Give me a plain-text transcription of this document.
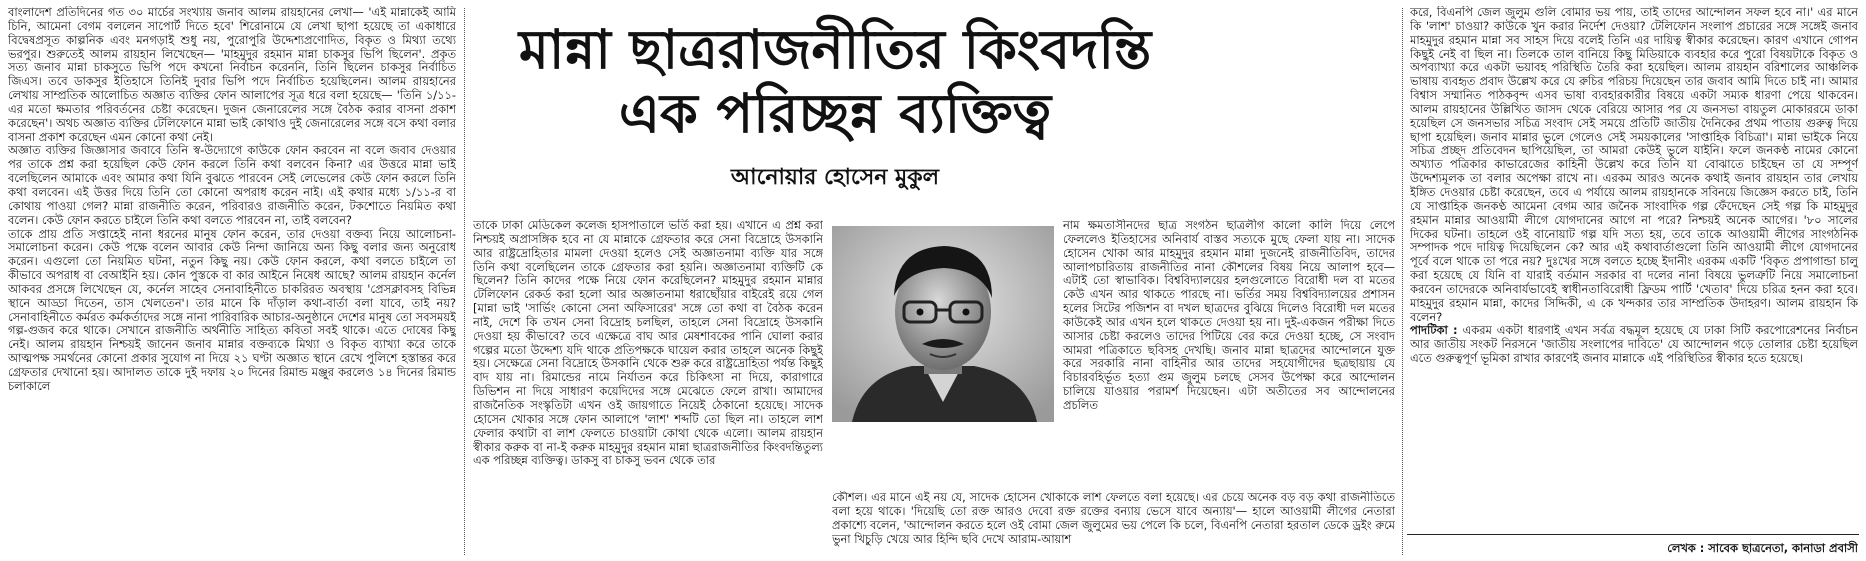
বাংলাদেশ প্রতিদিনের গত ৩০ মার্চের সংখ্যায় জনাব আলম রায়হানের লেখা— 'এই মান্নাকেই আমি চিনি, আমেনা বেগম বললেন সাপোর্ট দিতে হবে' শিরোনামে যে লেখা ছাপা হয়েছে তা একাধারে বিদ্বেষপ্রসূত কাল্পনিক এবং মনগড়াই শুধু নয়, পুরোপুরি উদ্দেশ্যপ্রণোদিত, বিকৃত ও মিথ্যা তথ্যে ভরপুর। শুরুতেই আলম রায়হান লিখেছেন— 'মাহমুদুর রহমান মান্না চাকসুর ভিপি ছিলেন'. প্রকৃত সত্য জনাব মান্না চাকসুতে ভিপি পদে কখনো নির্বাচন করেননি, তিনি ছিলেন চাকসুর নির্বাচিত জিএস। তবে ডাকসুর ইতিহাসে তিনিই দুবার ভিপি পদে নির্বাচিত হয়েছিলেন। আলম রায়হানের লেখায় সাম্প্রতিক আলোচিত অজ্ঞাত ব্যক্তির ফোন আলাপের সূত্র ধরে বলা হয়েছে— 'তিনি ১/১১-এর মতো ক্ষমতার পরিবর্তনের চেষ্টা করেছেন। দুজন জেনারেলের সঙ্গে বৈঠক করার বাসনা প্রকাশ করেছেন'। অথচ অজ্ঞাত ব্যক্তির টেলিফোনে মান্না ভাই কোথাও দুই জেনারেলের সঙ্গে বসে কথা বলার বাসনা প্রকাশ করেছেন এমন কোনো কথা নেই।

অজ্ঞাত ব্যক্তির জিজ্ঞাসার জবাবে তিনি স্ব-উদ্যোগে কাউকে ফোন করবেন না বলে জবাব দেওয়ার পর তাকে প্রশ্ন করা হয়েছিল কেউ ফোন করলে তিনি কথা বলবেন কিনা? এর উত্তরে মান্না ভাই বলেছিলেন আমাকে এবং আমার কথা যিনি বুঝতে পারবেন সেই লেভেলের কেউ ফোন করলে তিনি কথা বলবেন। এই উত্তর দিয়ে তিনি তো কোনো অপরাধ করেন নাই। এই কথার মধ্যে ১/১১-র বা কোথায় পাওয়া গেল? মান্না রাজনীতি করেন, পরিবারও রাজনীতি করেন, টকশোতে নিয়মিত কথা বলেন। কেউ ফোন করতে চাইলে তিনি কথা বলতে পারবেন না, তাই বলবেন?

তাকে প্রায় প্রতি সপ্তাহেই নানা ধরনের মানুষ ফোন করেন, তার দেওয়া বক্তব্য নিয়ে আলোচনা-সমালোচনা করেন। কেউ পক্ষে বলেন আবার কেউ নিন্দা জানিয়ে অন্য কিছু বলার জন্য অনুরোধ করেন। এগুলো তো নিয়মিত ঘটনা, নতুন কিছু নয়। কেউ ফোন করলে, কথা বলতে চাইলে তা কীভাবে অপরাধ বা বেআইনি হয়। কোন পুস্তকে বা কার আইনে নিষেধ আছে? আলম রায়হান কর্নেল আকবর প্রসঙ্গে লিখেছেন যে, কর্নেল সাহেব সেনাবাহিনীতে চাকরিরত অবস্থায় 'প্রেসক্লাবসহ বিভিন্ন স্থানে আড্ডা দিতেন, তাস খেলতেন'। তার মানে কি দাঁড়াল কথা-বার্তা বলা যাবে, তাই নয়? সেনাবাহিনীতে কর্মরত কর্মকর্তাদের সঙ্গে নানা পারিবারিক আচার-অনুষ্ঠানে দেশের মানুষ তো সবসময়ই গল্প-গুজব করে থাকে। সেখানে রাজনীতি অর্থনীতি সাহিত্য কবিতা সবই থাকে। এতে দোষের কিছু নেই। আলম রায়হান নিশ্চয়ই জানেন জনাব মান্নার বক্তব্যকে মিথ্যা ও বিকৃত ব্যাখ্যা করে তাকে আত্মপক্ষ সমর্থনের কোনো প্রকার সুযোগ না দিয়ে ২১ ঘণ্টা অজ্ঞাত স্থানে রেখে পুলিশে হস্তান্তর করে গ্রেফতার দেখানো হয়। আদালত তাকে দুই দফায় ২০ দিনের রিমান্ড মঞ্জুর করলেও ১৪ দিনের রিমান্ড চলাকালে

মান্না ছাত্ররাজনীতির কিংবদন্তি
এক পরিচ্ছন্ন ব্যক্তিত্ব
আনোয়ার হোসেন মুকুল

তাকে ঢাকা মেডিকেল কলেজ হাসপাতালে ভর্তি করা হয়। এখানে এ প্রশ্ন করা নিশ্চয়ই অপ্রাসঙ্গিক হবে না যে মান্নাকে গ্রেফতার করে সেনা বিদ্রোহে উসকানি আর রাষ্ট্রদ্রোহিতার মামলা দেওয়া হলেও সেই অজ্ঞাতনামা ব্যক্তি যার সঙ্গে তিনি কথা বলেছিলেন তাকে গ্রেফতার করা হয়নি। অজ্ঞাতনামা ব্যক্তিটি কে ছিলেন? তিনি কাদের পক্ষে নিয়ে ফোন করেছিলেন? মাহমুদুর রহমান মান্নার টেলিফোন রেকর্ড করা হলো আর অজ্ঞাতনামা ধরাছোঁয়ার বাইরেই রয়ে গেল [মান্না ভাই 'সার্ভিং কোনো সেনা অফিসারের' সঙ্গে তো কথা বা বৈঠক করেন নাই, দেশে কি তখন সেনা বিদ্রোহ চলছিল, তাহলে সেনা বিদ্রোহে উসকানি দেওয়া হয় কীভাবে? তবে এক্ষেত্রে বাঘ আর মেষশাবকের পানি ঘোলা করার গল্পের মতো উদ্দেশ্য যদি থাকে প্রতিপক্ষকে ঘায়েল করার তাহলে অনেক কিছুই হয়। সেক্ষেত্রে সেনা বিদ্রোহে উসকানি থেকে শুরু করে রাষ্ট্রদ্রোহিতা পর্যন্ত কিছুই বাদ যায় না। রিমান্ডের নামে নির্যাতন করে চিকিৎসা না দিয়ে, কারাগারে ডিভিশন না দিয়ে সাধারণ কয়েদিদের সঙ্গে মেঝেতে ফেলে রাখা। আমাদের রাজনৈতিক সংস্কৃতিটা এখন ওই জায়গাতে নিয়েই ঠেকানো হয়েছে। সাদেক হোসেন খোকার সঙ্গে ফোন আলাপে 'লাশ' শব্দটি তো ছিল না। তাহলে লাশ ফেলার কথাটা বা লাশ ফেলতে চাওয়াটা কোথা থেকে এলো। আলম রায়হান স্বীকার করুক বা না-ই করুক মাহমুদুর রহমান মান্না ছাত্ররাজনীতির কিংবদন্তিতুল্য এক পরিচ্ছন্ন ব্যক্তিত্ব। ডাকসু বা চাকসু ভবন থেকে তার

নাম ক্ষমতাসীনদের ছাত্র সংগঠন ছাত্রলীগ কালো কালি দিয়ে লেপে ফেললেও ইতিহাসের অনিবার্য বাস্তব সত্যকে মুছে ফেলা যায় না। সাদেক হোসেন খোকা আর মাহমুদুর রহমান মান্না দুজনেই রাজনীতিবিদ, তাদের আলাপচারিতায় রাজনীতির নানা কৌশলের বিষয় নিয়ে আলাপ হবে— এটাই তো স্বাভাবিক। বিশ্ববিদ্যালয়ের হলগুলোতে বিরোধী দল বা মতের কেউ এখন আর থাকতে পারছে না। ভর্তির সময় বিশ্ববিদ্যালয়ের প্রশাসন হলের সিটের পজিশন বা দখল ছাত্রদের বুঝিয়ে দিলেও বিরোধী দল মতের কাউকেই আর এখন হলে থাকতে দেওয়া হয় না। দুই-একজন পরীক্ষা দিতে আসার চেষ্টা করলেও তাদের পিটিয়ে বের করে দেওয়া হচ্ছে, সে সংবাদ আমরা পত্রিকাতে ছবিসহ দেখছি। জনাব মান্না ছাত্রদের আন্দোলনে যুক্ত করে সরকারি নানা বাহিনীর আর তাদের সহযোগীদের ছত্রছায়ায় যে বিচারবহির্ভূত হত্যা গুম জুলুম চলছে সেসব উপেক্ষা করে আন্দোলন চালিয়ে যাওয়ার পরামর্শ দিয়েছেন। এটা অতীতের সব আন্দোলনের প্রচলিত

কৌশল। এর মানে এই নয় যে, সাদেক হোসেন খোকাকে লাশ ফেলতে বলা হয়েছে। এর চেয়ে অনেক বড় বড় কথা রাজনীতিতে বলা হয়ে থাকে। 'দিয়েছি তো রক্ত আরও দেবো রক্ত রক্তের বন্যায় ভেসে যাবে অন্যায়'— হালে আওয়ামী লীগের নেতারা প্রকাশ্যে বলেন, 'আন্দোলন করতে হলে ওই বোমা জেল জুলুমের ভয় পেলে কি চলে, বিএনপি নেতারা হরতাল ডেকে ড্রইং রুমে ভুনা খিচুড়ি খেয়ে আর হিন্দি ছবি দেখে আরাম-আয়াশ

করে, বিএনপি জেল জুলুম গুলি বোমার ভয় পায়, তাই তাদের আন্দোলন সফল হবে না।' এর মানে কি 'লাশ' চাওয়া? কাউকে খুন করার নির্দেশ দেওয়া? টেলিফোন সংলাপ প্রচারের সঙ্গে সঙ্গেই জনাব মাহমুদুর রহমান মান্না সব সাহস দিয়ে বলেই তিনি এর দায়িত্ব স্বীকার করেছেন। কারণ এখানে গোপন কিছুই নেই বা ছিল না। তিলকে তাল বানিয়ে কিছু মিডিয়াকে ব্যবহার করে পুরো বিষয়টাকে বিকৃত ও অপব্যাখ্যা করে একটা ভয়াবহ পরিস্থিতি তৈরি করা হয়েছিল। আলম রায়হান বরিশালের আঞ্চলিক ভাষায় ব্যবহৃত প্রবাদ উল্লেখ করে যে রুচির পরিচয় দিয়েছেন তার জবাব আমি দিতে চাই না। আমার বিশ্বাস সম্মানিত পাঠকবৃন্দ এসব ভাষা ব্যবহারকারীর বিষয়ে একটা সম্যক ধারণা পেয়ে থাকবেন। আলম রায়হানের উল্লিখিত জাসদ থেকে বেরিয়ে আসার পর যে জনসভা বায়তুল মোকাররমে ডাকা হয়েছিল সে জনসভার সচিত্র সংবাদ সেই সময়ে প্রতিটি জাতীয় দৈনিকের প্রথম পাতায় গুরুত্ব দিয়ে ছাপা হয়েছিল। জনাব মান্নার ভুলে গেলেও সেই সময়কালের 'সাপ্তাহিক বিচিত্রা'। মান্না ভাইকে নিয়ে সচিত্র প্রচ্ছদ প্রতিবেদন ছাপিয়েছিল, তা আমরা কেউই ভুলে যাইনি। ফলে জনকণ্ঠ নামের কোনো অখ্যাত পত্রিকার কাভারেজের কাহিনী উল্লেখ করে তিনি যা বোঝাতে চাইছেন তা যে সম্পূর্ণ উদ্দেশ্যমূলক তা বলার অপেক্ষা রাখে না। এরকম আরও অনেক কথাই জনাব রায়হান তার লেখায় ইঙ্গিত দেওয়ার চেষ্টা করেছেন, তবে এ পর্যায়ে আলম রায়হানকে সবিনয়ে জিজ্ঞেস করতে চাই, তিনি যে সাপ্তাহিক জনকণ্ঠ আমেনা বেগম আর জনৈক সাংবাদিক গল্প ফেঁদেছেন সেই গল্প কি মাহমুদুর রহমান মান্নার আওয়ামী লীগে যোগদানের আগে না পরে? নিশ্চয়ই অনেক আগের। '৮০ সালের দিকের ঘটনা। তাহলে ওই বানোয়াট গল্প যদি সত্য হয়, তবে তাকে আওয়ামী লীগের সাংগঠনিক সম্পাদক পদে দায়িত্ব দিয়েছিলেন কে? আর এই কথাবার্তাগুলো তিনি আওয়ামী লীগে যোগদানের পূর্বে বলে থাকে তা পরে নয়? দুঃখের সঙ্গে বলতে হচ্ছে ইদানীং এরকম একটি 'বিকৃত প্রপাগান্ডা চালু করা হয়েছে যে যিনি বা যারাই বর্তমান সরকার বা দলের নানা বিষয়ে ভুলত্রুটি নিয়ে সমালোচনা করবেন তাদেরকে অনিবার্যভাবেই স্বাধীনতাবিরোধী ফ্রিডম পার্টি 'খেতাব' দিয়ে চরিত্র হনন করা হবে। মাহমুদুর রহমান মান্না, কাদের সিদ্দিকী, এ কে খন্দকার তার সাম্প্রতিক উদাহরণ। আলম রায়হান কি বলেন?

পাদটিকা : একরম একটা ধারণাই এখন সর্বত্র বদ্ধমূল হয়েছে যে ঢাকা সিটি করপোরেশনের নির্বাচন আর জাতীয় সংকট নিরসনে 'জাতীয় সংলাপের দাবিতে' যে আন্দোলন গড়ে তোলার চেষ্টা হয়েছিল এতে গুরুত্বপূর্ণ ভূমিকা রাখার কারণেই জনাব মান্নাকে এই পরিস্থিতির স্বীকার হতে হয়েছে।

লেখক : সাবেক ছাত্রনেতা, কানাডা প্রবাসী
